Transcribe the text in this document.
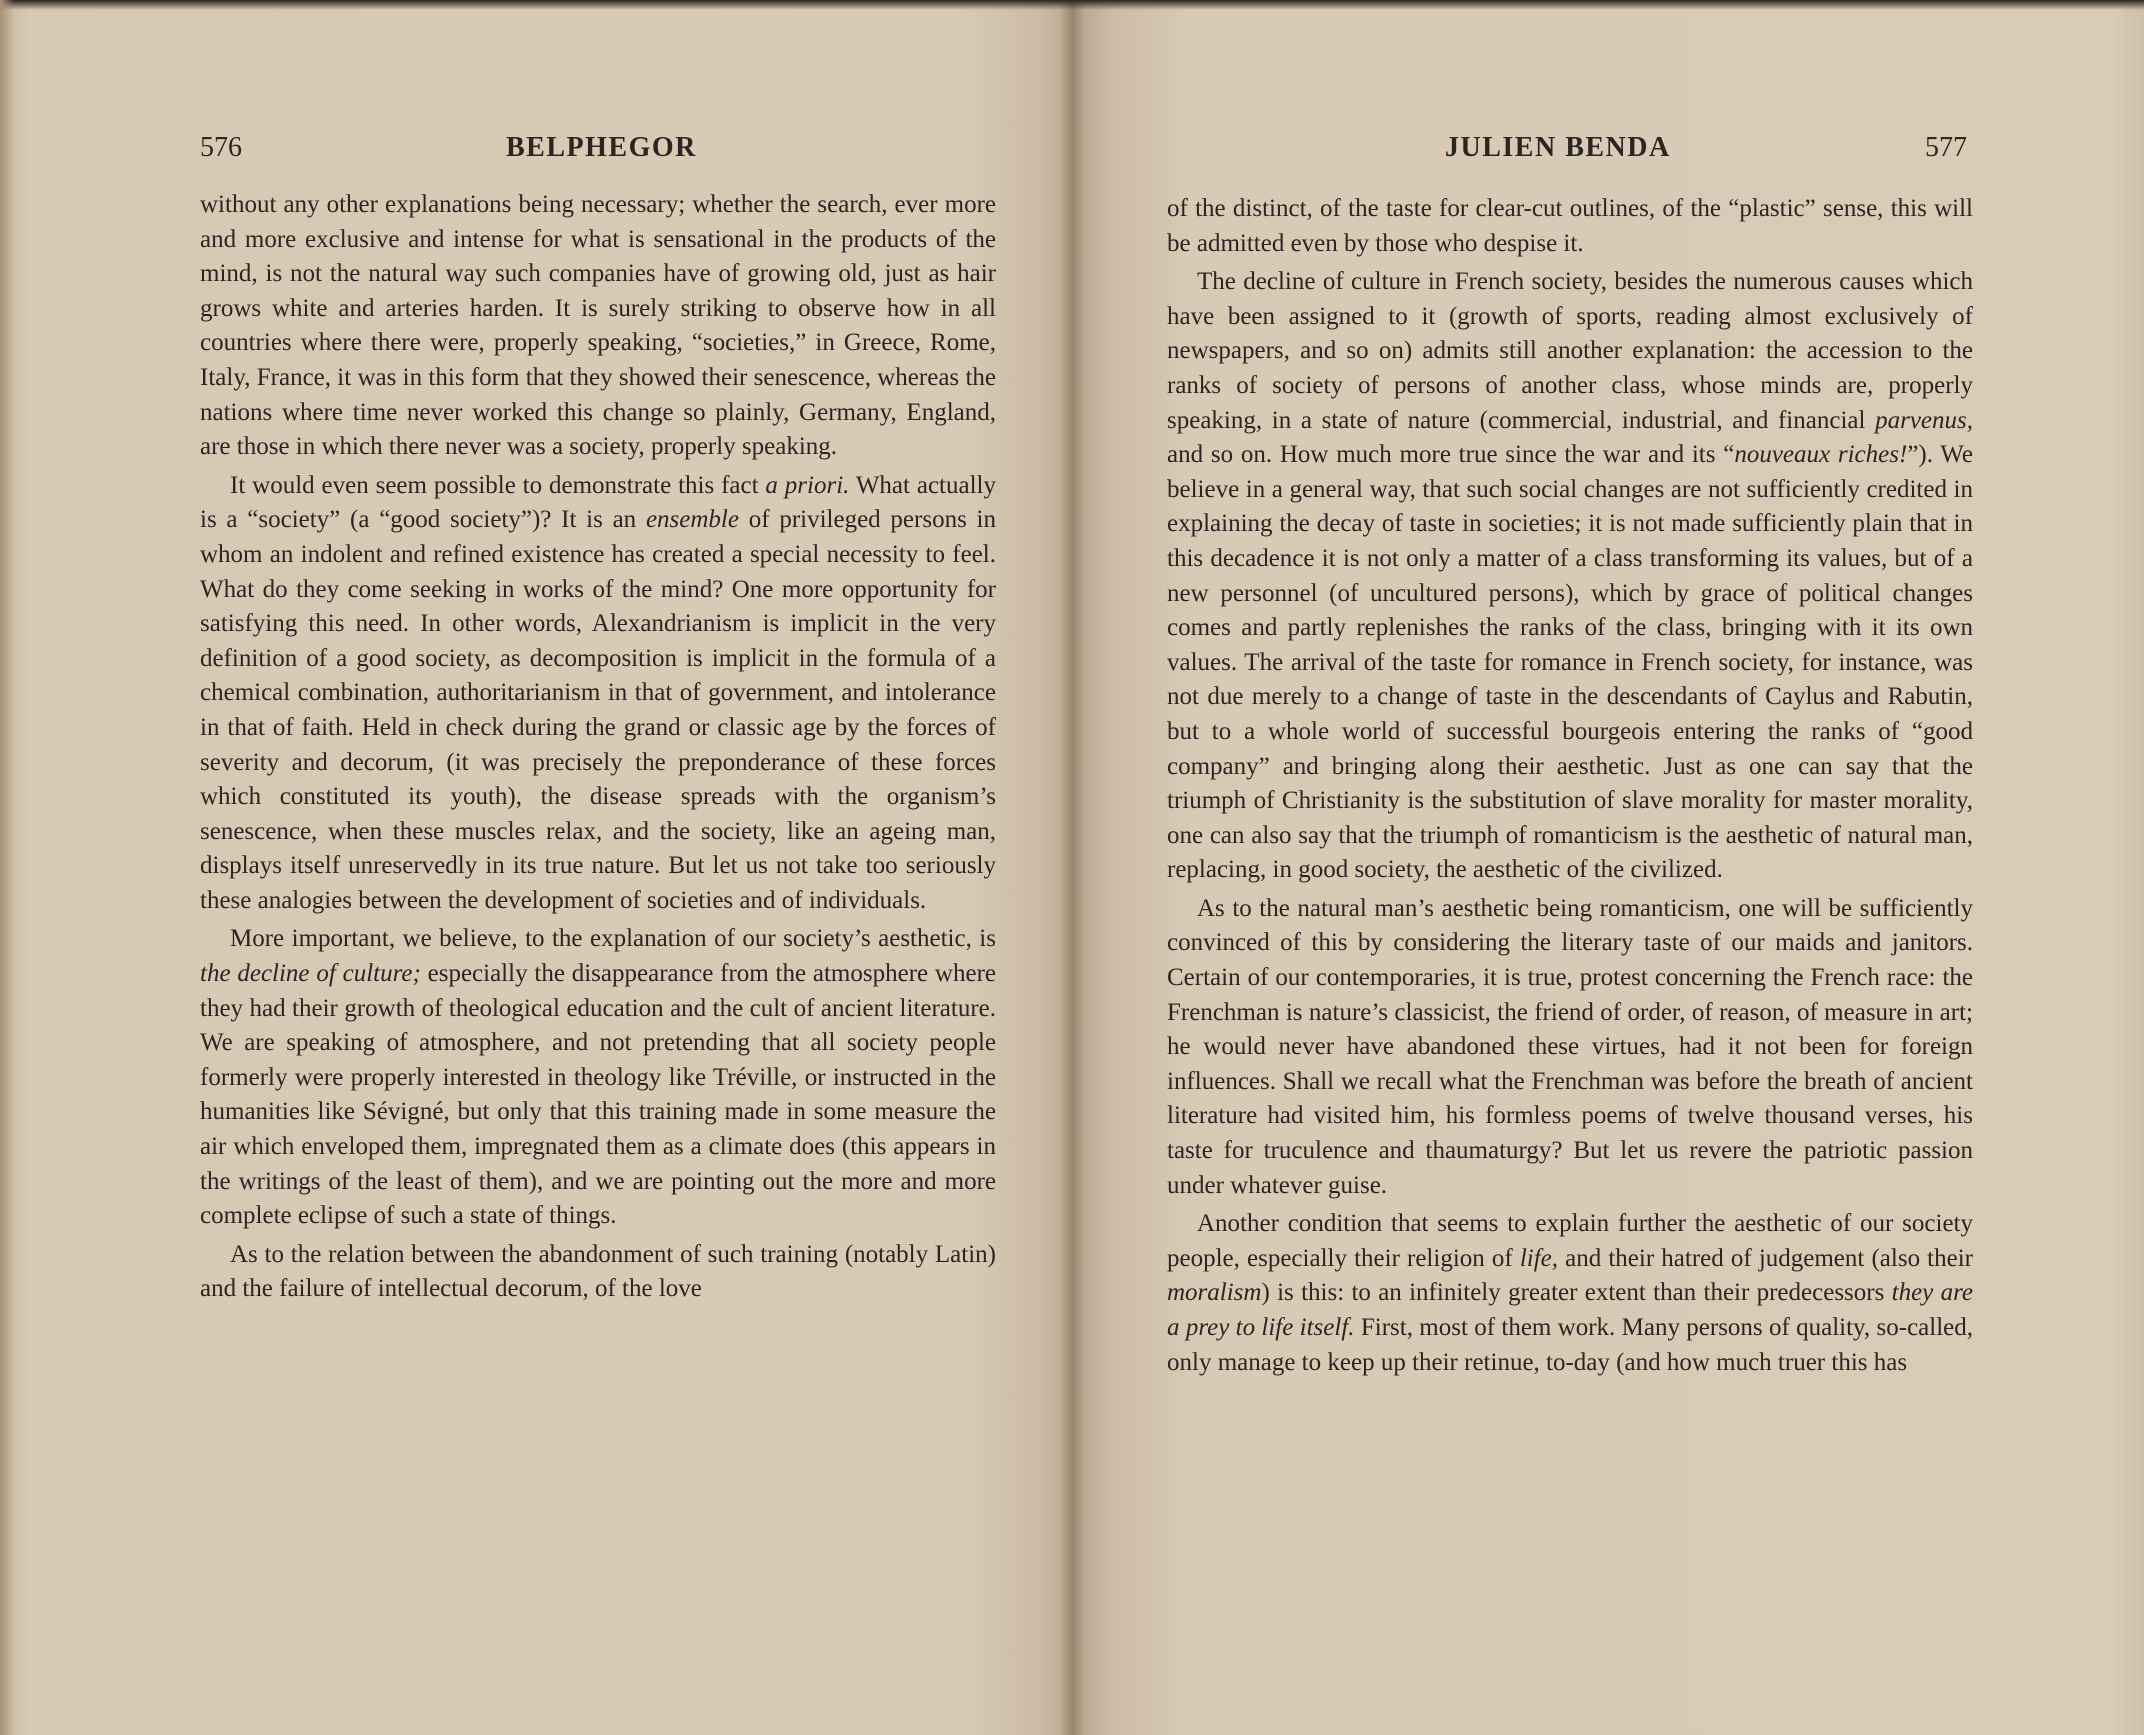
576	BELPHEGOR

without any other explanations being necessary; whether the search, ever more and more exclusive and intense for what is sensational in the products of the mind, is not the natural way such companies have of growing old, just as hair grows white and arteries harden. It is surely striking to observe how in all countries where there were, properly speaking, “societies,” in Greece, Rome, Italy, France, it was in this form that they showed their senescence, whereas the nations where time never worked this change so plainly, Germany, England, are those in which there never was a society, properly speaking.

It would even seem possible to demonstrate this fact a priori. What actually is a “society” (a “good society”)? It is an ensemble of privileged persons in whom an indolent and refined existence has created a special necessity to feel. What do they come seeking in works of the mind? One more opportunity for satisfying this need. In other words, Alexandrianism is implicit in the very definition of a good society, as decomposition is implicit in the formula of a chemical combination, authoritarianism in that of government, and intolerance in that of faith. Held in check during the grand or classic age by the forces of severity and decorum, (it was precisely the preponderance of these forces which constituted its youth), the disease spreads with the organism’s senescence, when these muscles relax, and the society, like an ageing man, displays itself unreservedly in its true nature. But let us not take too seriously these analogies between the development of societies and of individuals.

More important, we believe, to the explanation of our society’s aesthetic, is the decline of culture; especially the disappearance from the atmosphere where they had their growth of theological education and the cult of ancient literature. We are speaking of atmosphere, and not pretending that all society people formerly were properly interested in theology like Tréville, or instructed in the humanities like Sévigné, but only that this training made in some measure the air which enveloped them, impregnated them as a climate does (this appears in the writings of the least of them), and we are pointing out the more and more complete eclipse of such a state of things.

As to the relation between the abandonment of such training (notably Latin) and the failure of intellectual decorum, of the love

JULIEN BENDA	577

of the distinct, of the taste for clear-cut outlines, of the “plastic” sense, this will be admitted even by those who despise it.

The decline of culture in French society, besides the numerous causes which have been assigned to it (growth of sports, reading almost exclusively of newspapers, and so on) admits still another explanation: the accession to the ranks of society of persons of another class, whose minds are, properly speaking, in a state of nature (commercial, industrial, and financial parvenus, and so on. How much more true since the war and its “nouveaux riches!”). We believe in a general way, that such social changes are not sufficiently credited in explaining the decay of taste in societies; it is not made sufficiently plain that in this decadence it is not only a matter of a class transforming its values, but of a new personnel (of uncultured persons), which by grace of political changes comes and partly replenishes the ranks of the class, bringing with it its own values. The arrival of the taste for romance in French society, for instance, was not due merely to a change of taste in the descendants of Caylus and Rabutin, but to a whole world of successful bourgeois entering the ranks of “good company” and bringing along their aesthetic. Just as one can say that the triumph of Christianity is the substitution of slave morality for master morality, one can also say that the triumph of romanticism is the aesthetic of natural man, replacing, in good society, the aesthetic of the civilized.

As to the natural man’s aesthetic being romanticism, one will be sufficiently convinced of this by considering the literary taste of our maids and janitors. Certain of our contemporaries, it is true, protest concerning the French race: the Frenchman is nature’s classicist, the friend of order, of reason, of measure in art; he would never have abandoned these virtues, had it not been for foreign influences. Shall we recall what the Frenchman was before the breath of ancient literature had visited him, his formless poems of twelve thousand verses, his taste for truculence and thaumaturgy? But let us revere the patriotic passion under whatever guise.

Another condition that seems to explain further the aesthetic of our society people, especially their religion of life, and their hatred of judgement (also their moralism) is this: to an infinitely greater extent than their predecessors they are a prey to life itself. First, most of them work. Many persons of quality, so-called, only manage to keep up their retinue, to-day (and how much truer this has
